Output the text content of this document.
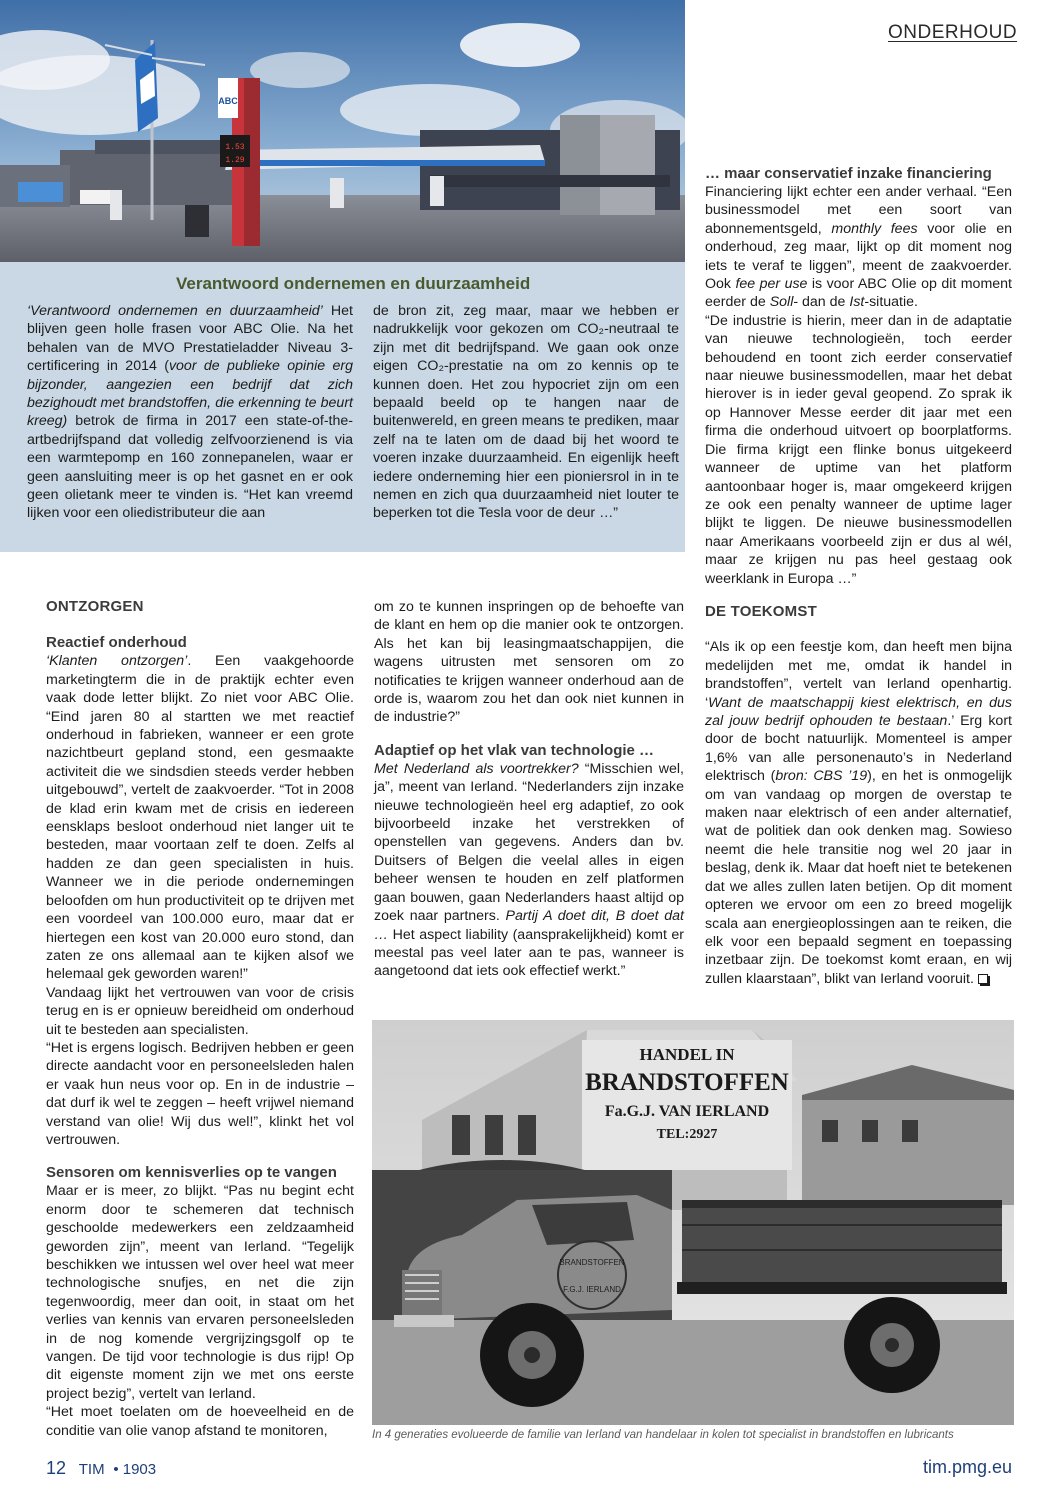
ABC
1.53
1.29
ONDERHOUD
Verantwoord ondernemen en duurzaamheid
‘Verantwoord ondernemen en duurzaamheid’ Het blijven geen holle frasen voor ABC Olie. Na het behalen van de MVO Prestatieladder Niveau 3-certificering in 2014 (voor de publieke opinie erg bijzonder, aangezien een bedrijf dat zich bezighoudt met brandstoffen, die erkenning te beurt kreeg) betrok de firma in 2017 een state-of-the-artbedrijfspand dat volledig zelfvoorzienend is via een warmtepomp en 160 zonnepanelen, waar er geen aansluiting meer is op het gasnet en er ook geen olietank meer te vinden is. “Het kan vreemd lijken voor een oliedistributeur die aan
de bron zit, zeg maar, maar we hebben er nadrukkelijk voor gekozen om CO₂-neutraal te zijn met dit bedrijfspand. We gaan ook onze eigen CO₂-prestatie na om zo kennis op te kunnen doen. Het zou hypocriet zijn om een bepaald beeld op te hangen naar de buitenwereld, en green means te prediken, maar zelf na te laten om de daad bij het woord te voeren inzake duurzaamheid. En eigenlijk heeft iedere onderneming hier een pioniersrol in in te nemen en zich qua duurzaamheid niet louter te beperken tot die Tesla voor de deur …”
ONTZORGEN
Reactief onderhoud

‘Klanten ontzorgen’. Een vaakgehoorde marketingterm die in de praktijk echter even vaak dode letter blijkt. Zo niet voor ABC Olie. “Eind jaren 80 al startten we met reactief onderhoud in fabrieken, wanneer er een grote nazichtbeurt gepland stond, een gesmaakte activiteit die we sindsdien steeds verder hebben uitgebouwd”, vertelt de zaakvoerder. “Tot in 2008 de klad erin kwam met de crisis en iedereen eensklaps besloot onderhoud niet langer uit te besteden, maar voortaan zelf te doen. Zelfs al hadden ze dan geen specialisten in huis. Wanneer we in die periode ondernemingen beloofden om hun productiviteit op te drijven met een voordeel van 100.000 euro, maar dat er hiertegen een kost van 20.000 euro stond, dan zaten ze ons allemaal aan te kijken alsof we helemaal gek geworden waren!”

Vandaag lijkt het vertrouwen van voor de crisis terug en is er opnieuw bereidheid om onderhoud uit te besteden aan specialisten.

“Het is ergens logisch. Bedrijven hebben er geen directe aandacht voor en personeelsleden halen er vaak hun neus voor op. En in de industrie – dat durf ik wel te zeggen – heeft vrijwel niemand verstand van olie! Wij dus wel!”, klinkt het vol vertrouwen.

Sensoren om kennisverlies op te vangen

Maar er is meer, zo blijkt. “Pas nu begint echt enorm door te schemeren dat technisch geschoolde medewerkers een zeldzaamheid geworden zijn”, meent van Ierland. “Tegelijk beschikken we intussen wel over heel wat meer technologische snufjes, en net die zijn tegenwoordig, meer dan ooit, in staat om het verlies van kennis van ervaren personeelsleden in de nog komende vergrijzingsgolf op te vangen. De tijd voor technologie is dus rijp! Op dit eigenste moment zijn we met ons eerste project bezig”, vertelt van Ierland.

“Het moet toelaten om de hoeveelheid en de conditie van olie vanop afstand te monitoren,

om zo te kunnen inspringen op de behoefte van de klant en hem op die manier ook te ontzorgen. Als het kan bij leasingmaatschappijen, die wagens uitrusten met sensoren om zo notificaties te krijgen wanneer onderhoud aan de orde is, waarom zou het dan ook niet kunnen in de industrie?”

Adaptief op het vlak van technologie …

Met Nederland als voortrekker? “Misschien wel, ja”, meent van Ierland. “Nederlanders zijn inzake nieuwe technologieën heel erg adaptief, zo ook bijvoorbeeld inzake het verstrekken of openstellen van gegevens. Anders dan bv. Duitsers of Belgen die veelal alles in eigen beheer wensen te houden en zelf platformen gaan bouwen, gaan Nederlanders haast altijd op zoek naar partners. Partij A doet dit, B doet dat … Het aspect liability (aansprakelijkheid) komt er meestal pas veel later aan te pas, wanneer is aangetoond dat iets ook effectief werkt.”

… maar conservatief inzake financiering

Financiering lijkt echter een ander verhaal. “Een businessmodel met een soort van abonnementsgeld, monthly fees voor olie en onderhoud, zeg maar, lijkt op dit moment nog iets te veraf te liggen”, meent de zaakvoerder. Ook fee per use is voor ABC Olie op dit moment eerder de Soll- dan de Ist-situatie.

“De industrie is hierin, meer dan in de adaptatie van nieuwe technologieën, toch eerder behoudend en toont zich eerder conservatief naar nieuwe businessmodellen, maar het debat hierover is in ieder geval geopend. Zo sprak ik op Hannover Messe eerder dit jaar met een firma die onderhoud uitvoert op boorplatforms. Die firma krijgt een flinke bonus uitgekeerd wanneer de uptime van het platform aantoonbaar hoger is, maar omgekeerd krijgen ze ook een penalty wanneer de uptime lager blijkt te liggen. De nieuwe businessmodellen naar Amerikaans voorbeeld zijn er dus al wél, maar ze krijgen nu pas heel gestaag ook weerklank in Europa …”

DE TOEKOMST

“Als ik op een feestje kom, dan heeft men bijna medelijden met me, omdat ik handel in brandstoffen”, vertelt van Ierland openhartig. ‘Want de maatschappij kiest elektrisch, en dus zal jouw bedrijf ophouden te bestaan.’ Erg kort door de bocht natuurlijk. Momenteel is amper 1,6% van alle personenauto’s in Nederland elektrisch (bron: CBS ’19), en het is onmogelijk om van vandaag op morgen de overstap te maken naar elektrisch of een ander alternatief, wat de politiek dan ook denken mag. Sowieso neemt die hele transitie nog wel 20 jaar in beslag, denk ik. Maar dat hoeft niet te betekenen dat we alles zullen laten betijen. Op dit moment opteren we ervoor om een zo breed mogelijk scala aan energieoplossingen aan te reiken, die elk voor een bepaald segment en toepassing inzetbaar zijn. De toekomst komt eraan, en wij zullen klaarstaan”, blikt van Ierland vooruit.

HANDEL IN
BRANDSTOFFEN
Fa.G.J. VAN IERLAND
TEL:2927
BRANDSTOFFEN
F.G.J. IERLAND
In 4 generaties evolueerde de familie van Ierland van handelaar in kolen tot specialist in brandstoffen en lubricants
12 TIM • 1903	tim.pmg.eu
